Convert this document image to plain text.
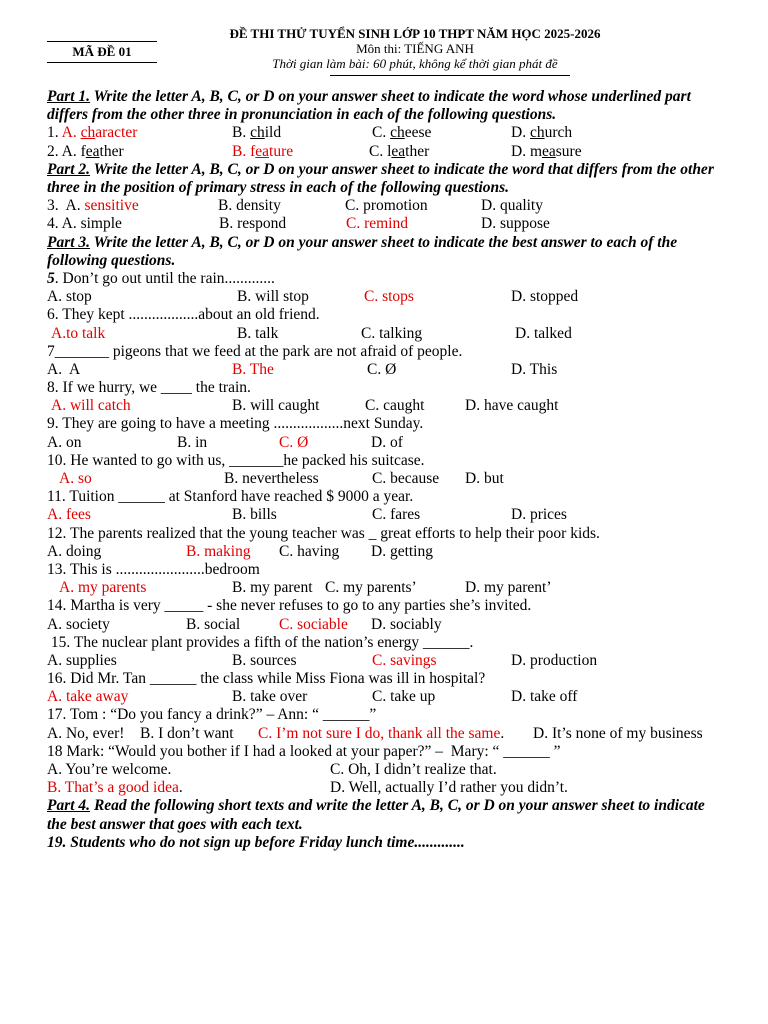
MÃ ĐỀ 01
ĐỀ THI THỬ TUYỂN SINH LỚP 10 THPT NĂM HỌC 2025-2026
Môn thi: TIẾNG ANH
Thời gian làm bài: 60 phút, không kể thời gian phát đề
Part 1. Write the letter A, B, C, or D on your answer sheet to indicate the word whose underlined part differs from the other three in pronunciation in each of the following questions.
1. A. character	B. child	C. cheese	D. church
2. A. feather	B. feature	C. leather	D. measure
Part 2. Write the letter A, B, C, or D on your answer sheet to indicate the word that differs from the other three in the position of primary stress in each of the following questions.
3.  A. sensitive	B. density	C. promotion	D. quality
4. A. simple	B. respond	C. remind	D. suppose
Part 3. Write the letter A, B, C, or D on your answer sheet to indicate the best answer to each of the following questions.
5. Don’t go out until the rain.............
A. stop	B. will stop	C. stops	D. stopped
6. They kept ..................about an old friend.
A.to talk	B. talk	C. talking	D. talked
7_______ pigeons that we feed at the park are not afraid of people.
A.  A	B. The	C. Ø	D. This
8. If we hurry, we ____ the train.
A. will catch	B. will caught	C. caught	D. have caught
9. They are going to have a meeting ..................next Sunday.
A. on	B. in	C. Ø	D. of
10. He wanted to go with us, _______he packed his suitcase.
A. so	B. nevertheless	C. because D. but
11. Tuition ______ at Stanford have reached $ 9000 a year.
A. fees	B. bills	C. fares	D. prices
12. The parents realized that the young teacher was _ great efforts to help their poor kids.
A. doing	B. making C. having D. getting
13. This is .......................bedroom
A. my parents	B. my parent C. my parents’	D. my parent’
14. Martha is very _____ - she never refuses to go to any parties she’s invited.
A. society	B. social	C. sociable D. sociably
15. The nuclear plant provides a fifth of the nation’s energy ______.
A. supplies	B. sources	C. savings	D. production
16. Did Mr. Tan ______ the class while Miss Fiona was ill in hospital?
A. take away	B. take over	C. take up	D. take off
17. Tom : “Do you fancy a drink?” – Ann: “ ______”
A. No, ever! B. I don’t want C. I’m not sure I do, thank all the same. D. It’s none of my business
18 Mark: “Would you bother if I had a looked at your paper?” –  Mary: “ ______ ”
A. You’re welcome.	C. Oh, I didn’t realize that.
B. That’s a good idea.	D. Well, actually I’d rather you didn’t.
Part 4. Read the following short texts and write the letter A, B, C, or D on your answer sheet to indicate the best answer that goes with each text.
19. Students who do not sign up before Friday lunch time.............
